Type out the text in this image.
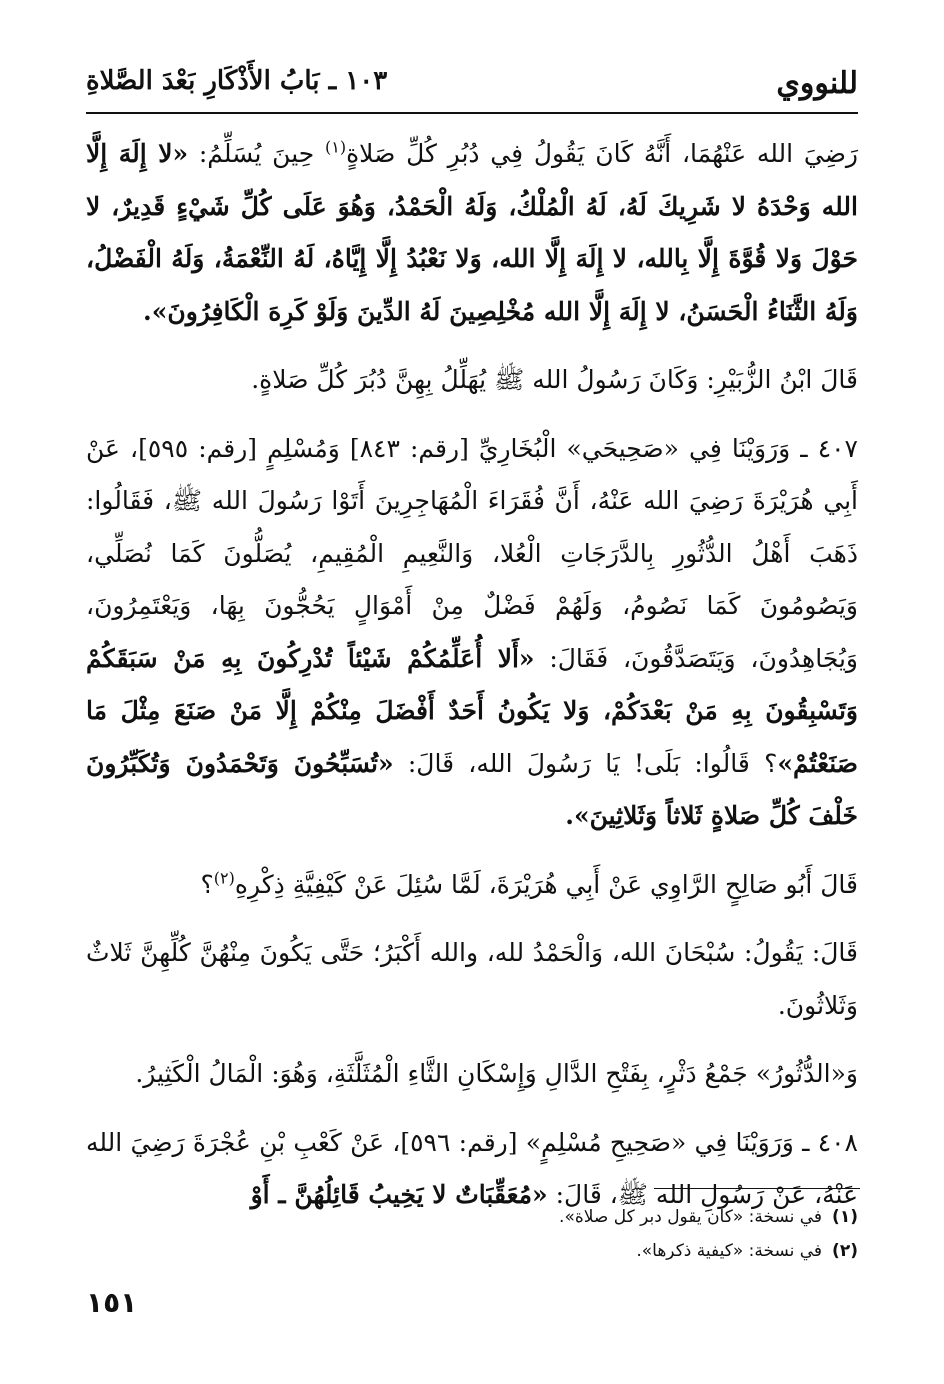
للنووي
١٠٣ ـ بَابُ الأَذْكَارِ بَعْدَ الصَّلاةِ

رَضِيَ الله عَنْهُمَا، أَنَّهُ كَانَ يَقُولُ فِي دُبُرِ كُلِّ صَلاةٍ$^{(١)}$ حِينَ يُسَلِّمُ: «لا إِلَهَ إِلَّا الله وَحْدَهُ لا شَرِيكَ لَهُ، لَهُ الْمُلْكُ، وَلَهُ الْحَمْدُ، وَهُوَ عَلَى كُلِّ شَيْءٍ قَدِيرٌ، لا حَوْلَ وَلا قُوَّةَ إِلَّا بِالله، لا إِلَهَ إِلَّا الله، وَلا نَعْبُدُ إِلَّا إِيَّاهُ، لَهُ النِّعْمَةُ، وَلَهُ الْفَضْلُ، وَلَهُ الثَّنَاءُ الْحَسَنُ، لا إِلَهَ إِلَّا الله مُخْلِصِينَ لَهُ الدِّينَ وَلَوْ كَرِهَ الْكَافِرُونَ».

قَالَ ابْنُ الزُّبَيْرِ: وَكَانَ رَسُولُ الله ﷺ يُهَلِّلُ بِهِنَّ دُبُرَ كُلِّ صَلاةٍ.

٤٠٧ ـ وَرَوَيْنَا فِي «صَحِيحَي» الْبُخَارِيِّ [رقم: ٨٤٣] وَمُسْلِمٍ [رقم: ٥٩٥]، عَنْ أَبِي هُرَيْرَةَ رَضِيَ الله عَنْهُ، أَنَّ فُقَرَاءَ الْمُهَاجِرِينَ أَتَوْا رَسُولَ الله ﷺ، فَقَالُوا: ذَهَبَ أَهْلُ الدُّثُورِ بِالدَّرَجَاتِ الْعُلا، وَالنَّعِيمِ الْمُقِيمِ، يُصَلُّونَ كَمَا نُصَلِّي، وَيَصُومُونَ كَمَا نَصُومُ، وَلَهُمْ فَضْلٌ مِنْ أَمْوَالٍ يَحُجُّونَ بِهَا، وَيَعْتَمِرُونَ، وَيُجَاهِدُونَ، وَيَتَصَدَّقُونَ، فَقَالَ: «أَلا أُعَلِّمُكُمْ شَيْئاً تُدْرِكُونَ بِهِ مَنْ سَبَقَكُمْ وَتَسْبِقُونَ بِهِ مَنْ بَعْدَكُمْ، وَلا يَكُونُ أَحَدٌ أَفْضَلَ مِنْكُمْ إِلَّا مَنْ صَنَعَ مِثْلَ مَا صَنَعْتُمْ»؟ قَالُوا: بَلَى! يَا رَسُولَ الله، قَالَ: «تُسَبِّحُونَ وَتَحْمَدُونَ وَتُكَبِّرُونَ خَلْفَ كُلِّ صَلاةٍ ثَلاثاً وَثَلاثِينَ».

قَالَ أَبُو صَالِحٍ الرَّاوِي عَنْ أَبِي هُرَيْرَةَ، لَمَّا سُئِلَ عَنْ كَيْفِيَّةِ ذِكْرِهِ$^{(٢)}$؟

قَالَ: يَقُولُ: سُبْحَانَ الله، وَالْحَمْدُ لله، والله أَكْبَرُ؛ حَتَّى يَكُونَ مِنْهُنَّ كُلِّهِنَّ ثَلاثٌ وَثَلاثُونَ.

وَ«الدُّثُورُ» جَمْعُ دَثْرٍ، بِفَتْحِ الدَّالِ وَإِسْكَانِ الثَّاءِ الْمُثَلَّثَةِ، وَهُوَ: الْمَالُ الْكَثِيرُ.

٤٠٨ ـ وَرَوَيْنَا فِي «صَحِيحِ مُسْلِمٍ» [رقم: ٥٩٦]، عَنْ كَعْبِ بْنِ عُجْرَةَ رَضِيَ الله عَنْهُ، عَنْ رَسُولِ الله ﷺ، قَالَ: «مُعَقِّبَاتٌ لا يَخِيبُ قَائِلُهُنَّ ـ أَوْ

(١)في نسخة: «كان يقول دبر كل صلاة».
(٢)في نسخة: «كيفية ذكرها».
١٥١
